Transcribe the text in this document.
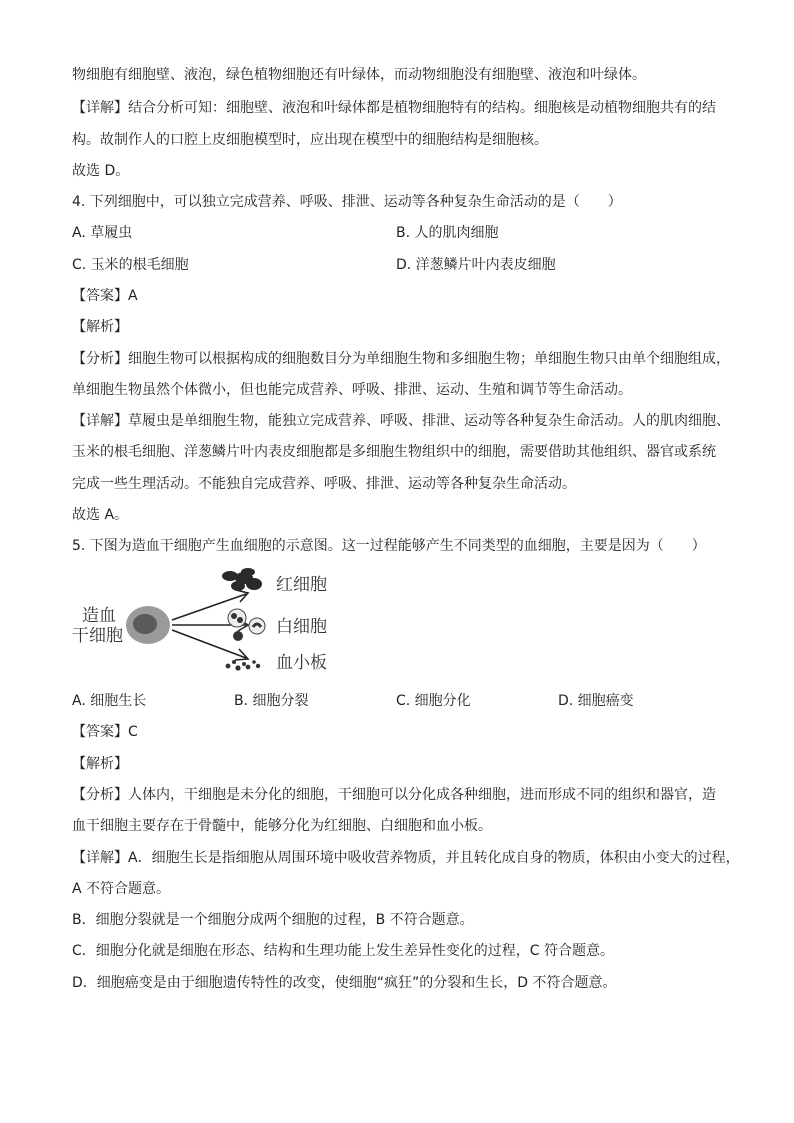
物细胞有细胞壁、液泡，绿色植物细胞还有叶绿体，而动物细胞没有细胞壁、液泡和叶绿体。
【详解】结合分析可知：细胞壁、液泡和叶绿体都是植物细胞特有的结构。细胞核是动植物细胞共有的结
构。故制作人的口腔上皮细胞模型时，应出现在模型中的细胞结构是细胞核。
故选 D。
4. 下列细胞中，可以独立完成营养、呼吸、排泄、运动等各种复杂生命活动的是（　　）
A. 草履虫	B. 人的肌肉细胞
C. 玉米的根毛细胞	D. 洋葱鳞片叶内表皮细胞
【答案】A
【解析】
【分析】细胞生物可以根据构成的细胞数目分为单细胞生物和多细胞生物；单细胞生物只由单个细胞组成，
单细胞生物虽然个体微小，但也能完成营养、呼吸、排泄、运动、生殖和调节等生命活动。
【详解】草履虫是单细胞生物，能独立完成营养、呼吸、排泄、运动等各种复杂生命活动。人的肌肉细胞、
玉米的根毛细胞、洋葱鳞片叶内表皮细胞都是多细胞生物组织中的细胞，需要借助其他组织、器官或系统
完成一些生理活动。不能独自完成营养、呼吸、排泄、运动等各种复杂生命活动。
故选 A。
5. 下图为造血干细胞产生血细胞的示意图。这一过程能够产生不同类型的血细胞，主要是因为（　　）
造血
干细胞
红细胞
白细胞
血小板
A. 细胞生长	B. 细胞分裂	C. 细胞分化	D. 细胞癌变
【答案】C
【解析】
【分析】人体内，干细胞是未分化的细胞，干细胞可以分化成各种细胞，进而形成不同的组织和器官，造
血干细胞主要存在于骨髓中，能够分化为红细胞、白细胞和血小板。
【详解】A．细胞生长是指细胞从周围环境中吸收营养物质，并且转化成自身的物质，体积由小变大的过程，
A 不符合题意。
B．细胞分裂就是一个细胞分成两个细胞的过程，B 不符合题意。
C．细胞分化就是细胞在形态、结构和生理功能上发生差异性变化的过程，C 符合题意。
D．细胞癌变是由于细胞遗传特性的改变，使细胞“疯狂”的分裂和生长，D 不符合题意。
